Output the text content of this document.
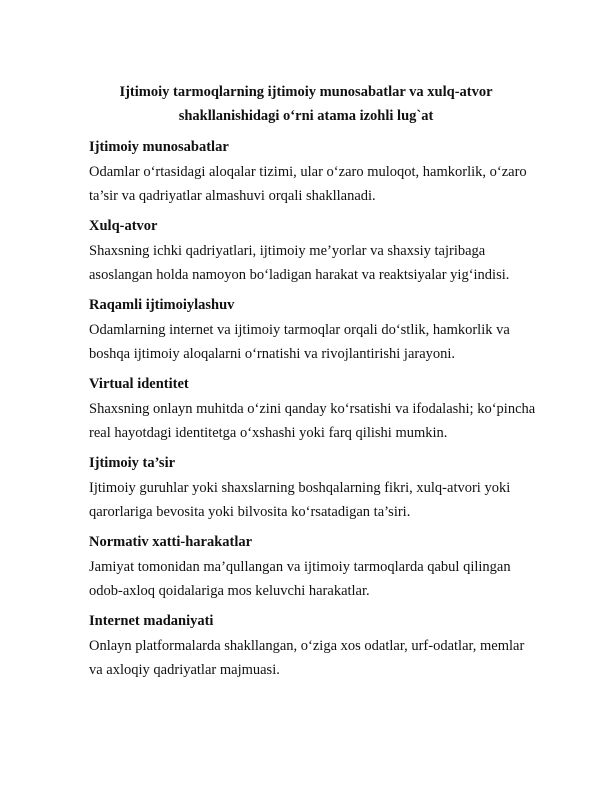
Ijtimoiy tarmoqlarning ijtimoiy munosabatlar va xulq-atvor
shakllanishidagi o‘rni atama izohli lug`at
Ijtimoiy munosabatlar
Odamlar o‘rtasidagi aloqalar tizimi, ular o‘zaro muloqot, hamkorlik, o‘zaro
ta’sir va qadriyatlar almashuvi orqali shakllanadi.
Xulq-atvor
Shaxsning ichki qadriyatlari, ijtimoiy me’yorlar va shaxsiy tajribaga
asoslangan holda namoyon bo‘ladigan harakat va reaktsiyalar yig‘indisi.
Raqamli ijtimoiylashuv
Odamlarning internet va ijtimoiy tarmoqlar orqali do‘stlik, hamkorlik va
boshqa ijtimoiy aloqalarni o‘rnatishi va rivojlantirishi jarayoni.
Virtual identitet
Shaxsning onlayn muhitda o‘zini qanday ko‘rsatishi va ifodalashi; ko‘pincha
real hayotdagi identitetga o‘xshashi yoki farq qilishi mumkin.
Ijtimoiy ta’sir
Ijtimoiy guruhlar yoki shaxslarning boshqalarning fikri, xulq-atvori yoki
qarorlariga bevosita yoki bilvosita ko‘rsatadigan ta’siri.
Normativ xatti-harakatlar
Jamiyat tomonidan ma’qullangan va ijtimoiy tarmoqlarda qabul qilingan
odob-axloq qoidalariga mos keluvchi harakatlar.
Internet madaniyati
Onlayn platformalarda shakllangan, o‘ziga xos odatlar, urf-odatlar, memlar
va axloqiy qadriyatlar majmuasi.
